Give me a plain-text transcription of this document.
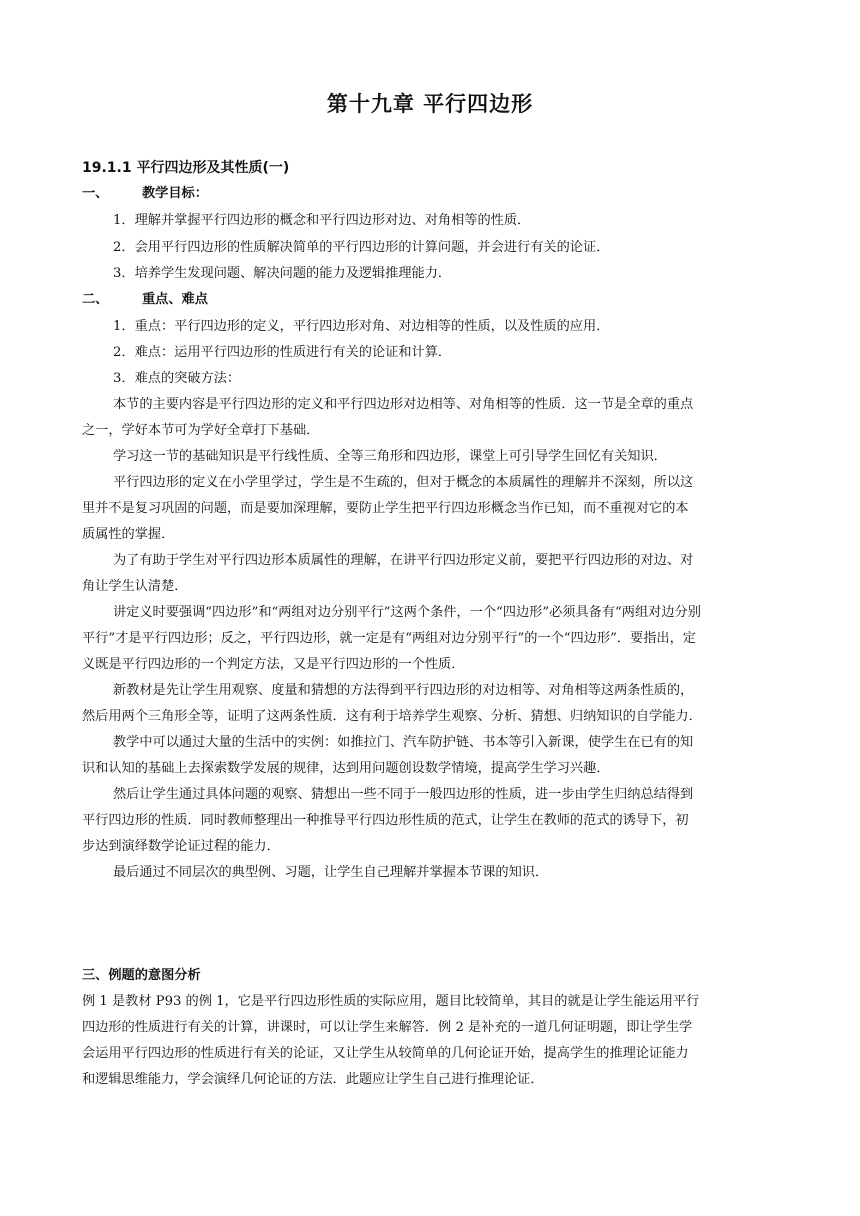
第十九章 平行四边形
19.1.1 平行四边形及其性质(一)
一、	教学目标：
1．理解并掌握平行四边形的概念和平行四边形对边、对角相等的性质．
2．会用平行四边形的性质解决简单的平行四边形的计算问题，并会进行有关的论证．
3．培养学生发现问题、解决问题的能力及逻辑推理能力．
二、	重点、难点
1．重点：平行四边形的定义，平行四边形对角、对边相等的性质，以及性质的应用．
2．难点：运用平行四边形的性质进行有关的论证和计算．
3．难点的突破方法：
本节的主要内容是平行四边形的定义和平行四边形对边相等、对角相等的性质．这一节是全章的重点
之一，学好本节可为学好全章打下基础．
学习这一节的基础知识是平行线性质、全等三角形和四边形，课堂上可引导学生回忆有关知识．
平行四边形的定义在小学里学过，学生是不生疏的，但对于概念的本质属性的理解并不深刻，所以这
里并不是复习巩固的问题，而是要加深理解，要防止学生把平行四边形概念当作已知，而不重视对它的本
质属性的掌握．
为了有助于学生对平行四边形本质属性的理解，在讲平行四边形定义前，要把平行四边形的对边、对
角让学生认清楚．
讲定义时要强调“四边形”和“两组对边分别平行”这两个条件，一个“四边形”必须具备有“两组对边分别
平行”才是平行四边形；反之，平行四边形，就一定是有“两组对边分别平行”的一个“四边形”．要指出，定
义既是平行四边形的一个判定方法，又是平行四边形的一个性质．
新教材是先让学生用观察、度量和猜想的方法得到平行四边形的对边相等、对角相等这两条性质的，
然后用两个三角形全等，证明了这两条性质．这有利于培养学生观察、分析、猜想、归纳知识的自学能力．
教学中可以通过大量的生活中的实例：如推拉门、汽车防护链、书本等引入新课，使学生在已有的知
识和认知的基础上去探索数学发展的规律，达到用问题创设数学情境，提高学生学习兴趣．
然后让学生通过具体问题的观察、猜想出一些不同于一般四边形的性质，进一步由学生归纳总结得到
平行四边形的性质．同时教师整理出一种推导平行四边形性质的范式，让学生在教师的范式的诱导下，初
步达到演绎数学论证过程的能力．
最后通过不同层次的典型例、习题，让学生自己理解并掌握本节课的知识．
三、例题的意图分析
例 1 是教材 P93 的例 1，它是平行四边形性质的实际应用，题目比较简单，其目的就是让学生能运用平行
四边形的性质进行有关的计算，讲课时，可以让学生来解答．例 2 是补充的一道几何证明题，即让学生学
会运用平行四边形的性质进行有关的论证，又让学生从较简单的几何论证开始，提高学生的推理论证能力
和逻辑思维能力，学会演绎几何论证的方法．此题应让学生自己进行推理论证．
